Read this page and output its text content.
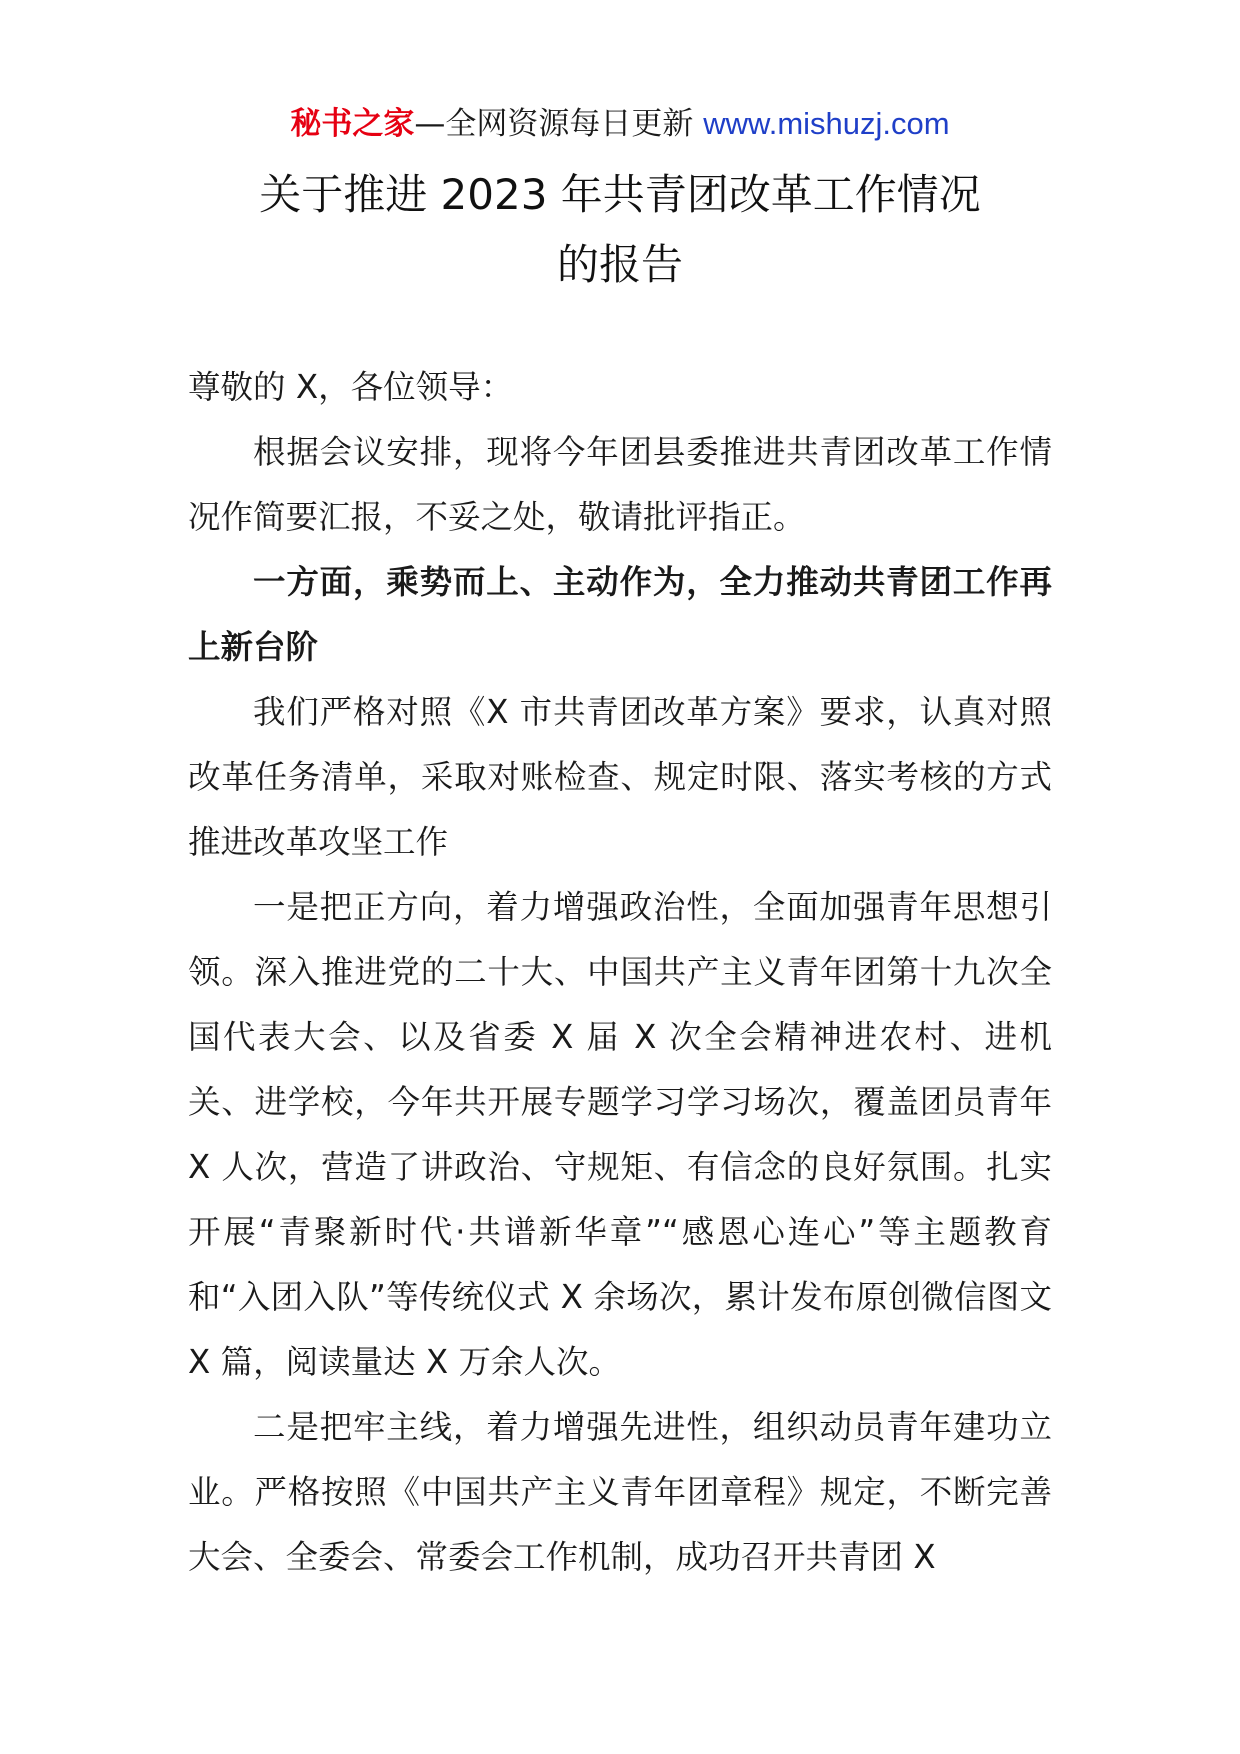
秘书之家—全网资源每日更新 www.mishuzj.com
关于推进 2023 年共青团改革工作情况
的报告

尊敬的 X，各位领导：

根据会议安排，现将今年团县委推进共青团改革工作情况作简要汇报，不妥之处，敬请批评指正。

一方面，乘势而上、主动作为，全力推动共青团工作再上新台阶

我们严格对照《X 市共青团改革方案》要求，认真对照改革任务清单，采取对账检查、规定时限、落实考核的方式推进改革攻坚工作

一是把正方向，着力增强政治性，全面加强青年思想引领。深入推进党的二十大、中国共产主义青年团第十九次全国代表大会、以及省委 X 届 X 次全会精神进农村、进机关、进学校，今年共开展专题学习学习场次，覆盖团员青年 X 人次，营造了讲政治、守规矩、有信念的良好氛围。扎实开展“青聚新时代·共谱新华章”“感恩心连心”等主题教育和“入团入队”等传统仪式 X 余场次，累计发布原创微信图文 X 篇，阅读量达 X 万余人次。

二是把牢主线，着力增强先进性，组织动员青年建功立业。严格按照《中国共产主义青年团章程》规定，不断完善大会、全委会、常委会工作机制，成功召开共青团 X
